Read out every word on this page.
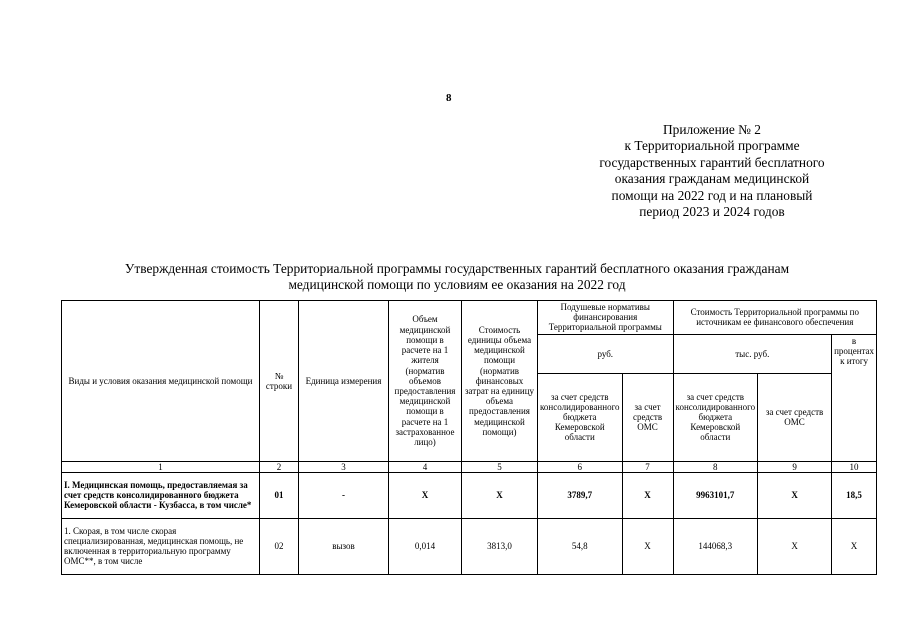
8
Приложение № 2
к Территориальной программе
государственных гарантий бесплатного
оказания гражданам медицинской
помощи на 2022 год и на плановый
период 2023 и 2024 годов
Утвержденная стоимость Территориальной программы государственных гарантий бесплатного оказания гражданам
медицинской помощи по условиям ее оказания на 2022 год
Виды и условия оказания медицинской помощи	№ строки	Единица измерения	Объем медицинской помощи в расчете на 1 жителя (норматив объемов предоставления медицинской помощи в расчете на 1 застрахованное лицо)	Стоимость единицы объема медицинской помощи (норматив финансовых затрат на единицу объема предоставления медицинской помощи)	Подушевые нормативы финансирования Территориальной программы		Стоимость Территориальной программы по источникам ее финансового обеспечения		
					руб.		тыс. руб.		в процентах к итогу
					за счет средств консолидированного бюджета Кемеровской области	за счет средств ОМС	за счет средств консолидированного бюджета Кемеровской области	за счет средств ОМС	
1	2	3	4	5	6	7	8	9	10
I. Медицинская помощь, предоставляемая за счет средств консолидированного бюджета Кемеровской области - Кузбасса, в том числе*	01	-	X	X	3789,7	X	9963101,7	X	18,5
1. Скорая, в том числе скорая специализированная, медицинская помощь, не включенная в территориальную программу ОМС**, в том числе	02	вызов	0,014	3813,0	54,8	X	144068,3	X	X
